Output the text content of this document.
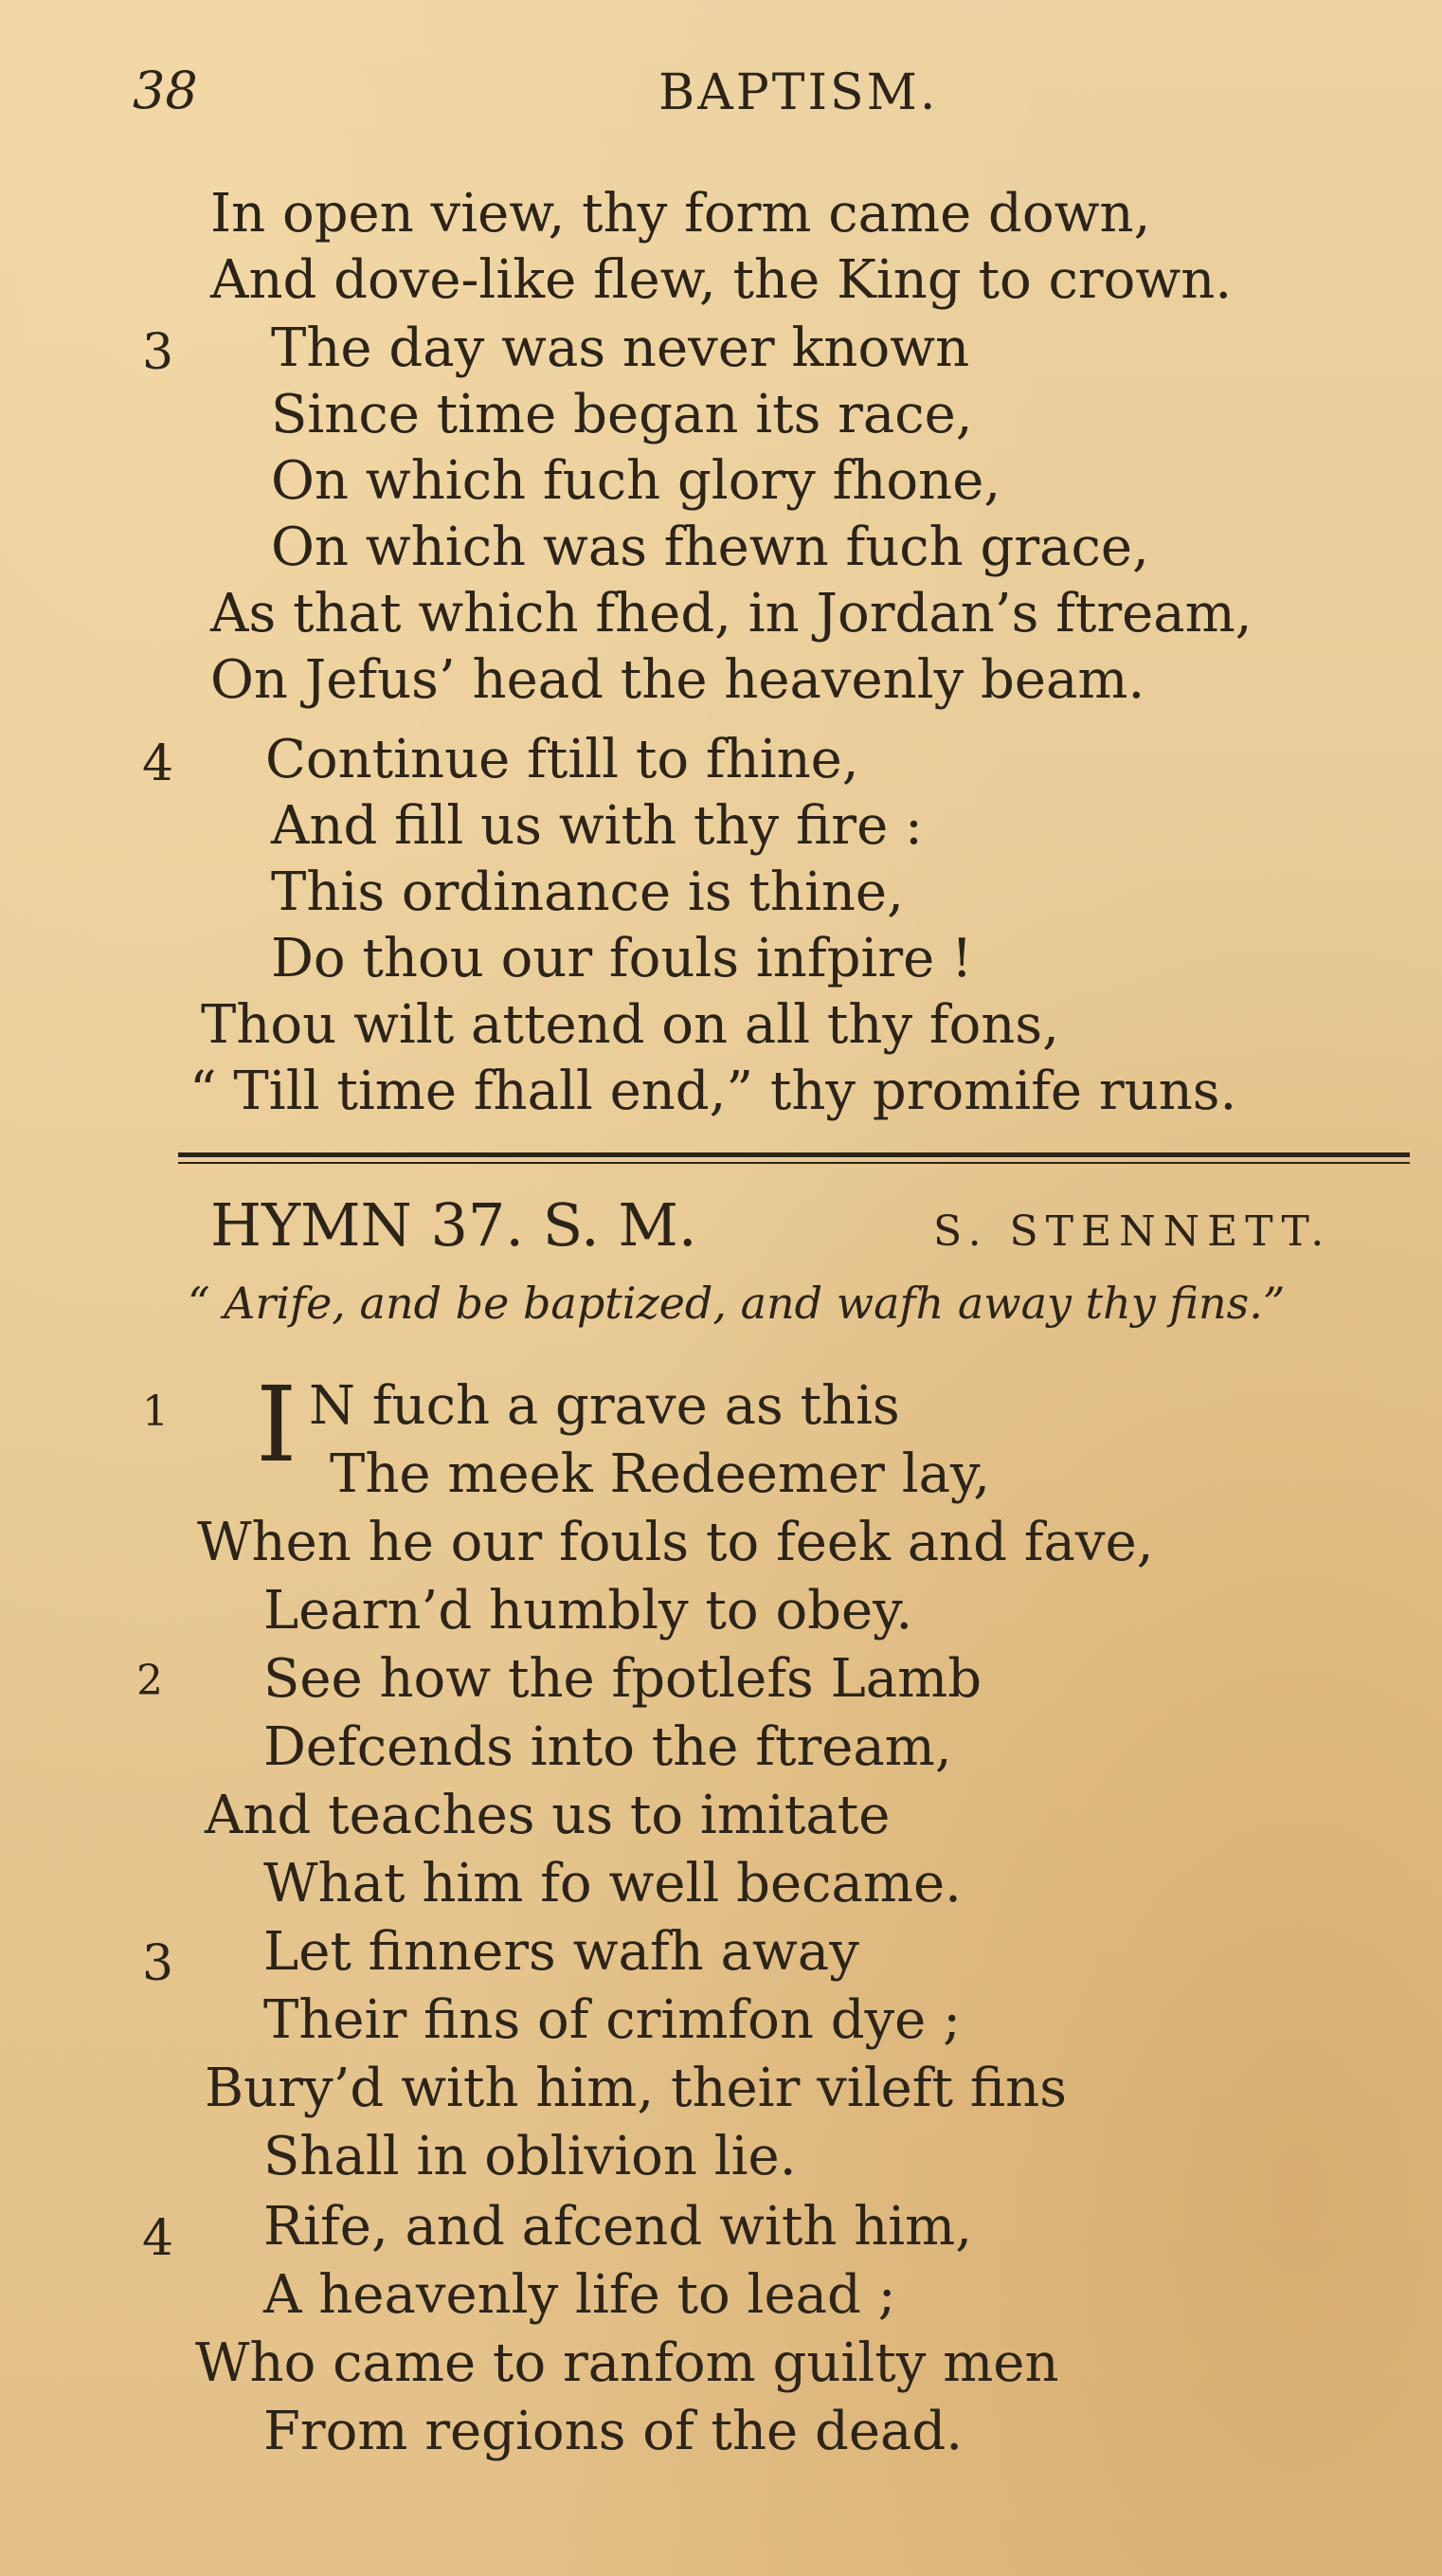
38	BAPTISM.
In open view, thy form came down,
And dove-like flew, the King to crown.
3 The day was never known
Since time began its race,
On which fuch glory fhone,
On which was fhewn fuch grace,
As that which fhed, in Jordan’s ftream,
On Jefus’ head the heavenly beam.
4 Continue ftill to fhine,
And fill us with thy fire :
This ordinance is thine,
Do thou our fouls infpire !
Thou wilt attend on all thy fons,
“ Till time fhall end,” thy promife runs.
HYMN 37. S. M.	S. STENNETT.
“ Arife, and be baptized, and wafh away thy fins.”
1 I N fuch a grave as this
The meek Redeemer lay,
When he our fouls to feek and fave,
Learn’d humbly to obey.
2 See how the fpotlefs Lamb
Defcends into the ftream,
And teaches us to imitate
What him fo well became.
3 Let finners wafh away
Their fins of crimfon dye ;
Bury’d with him, their vileft fins
Shall in oblivion lie.
4 Rife, and afcend with him,
A heavenly life to lead ;
Who came to ranfom guilty men
From regions of the dead.
